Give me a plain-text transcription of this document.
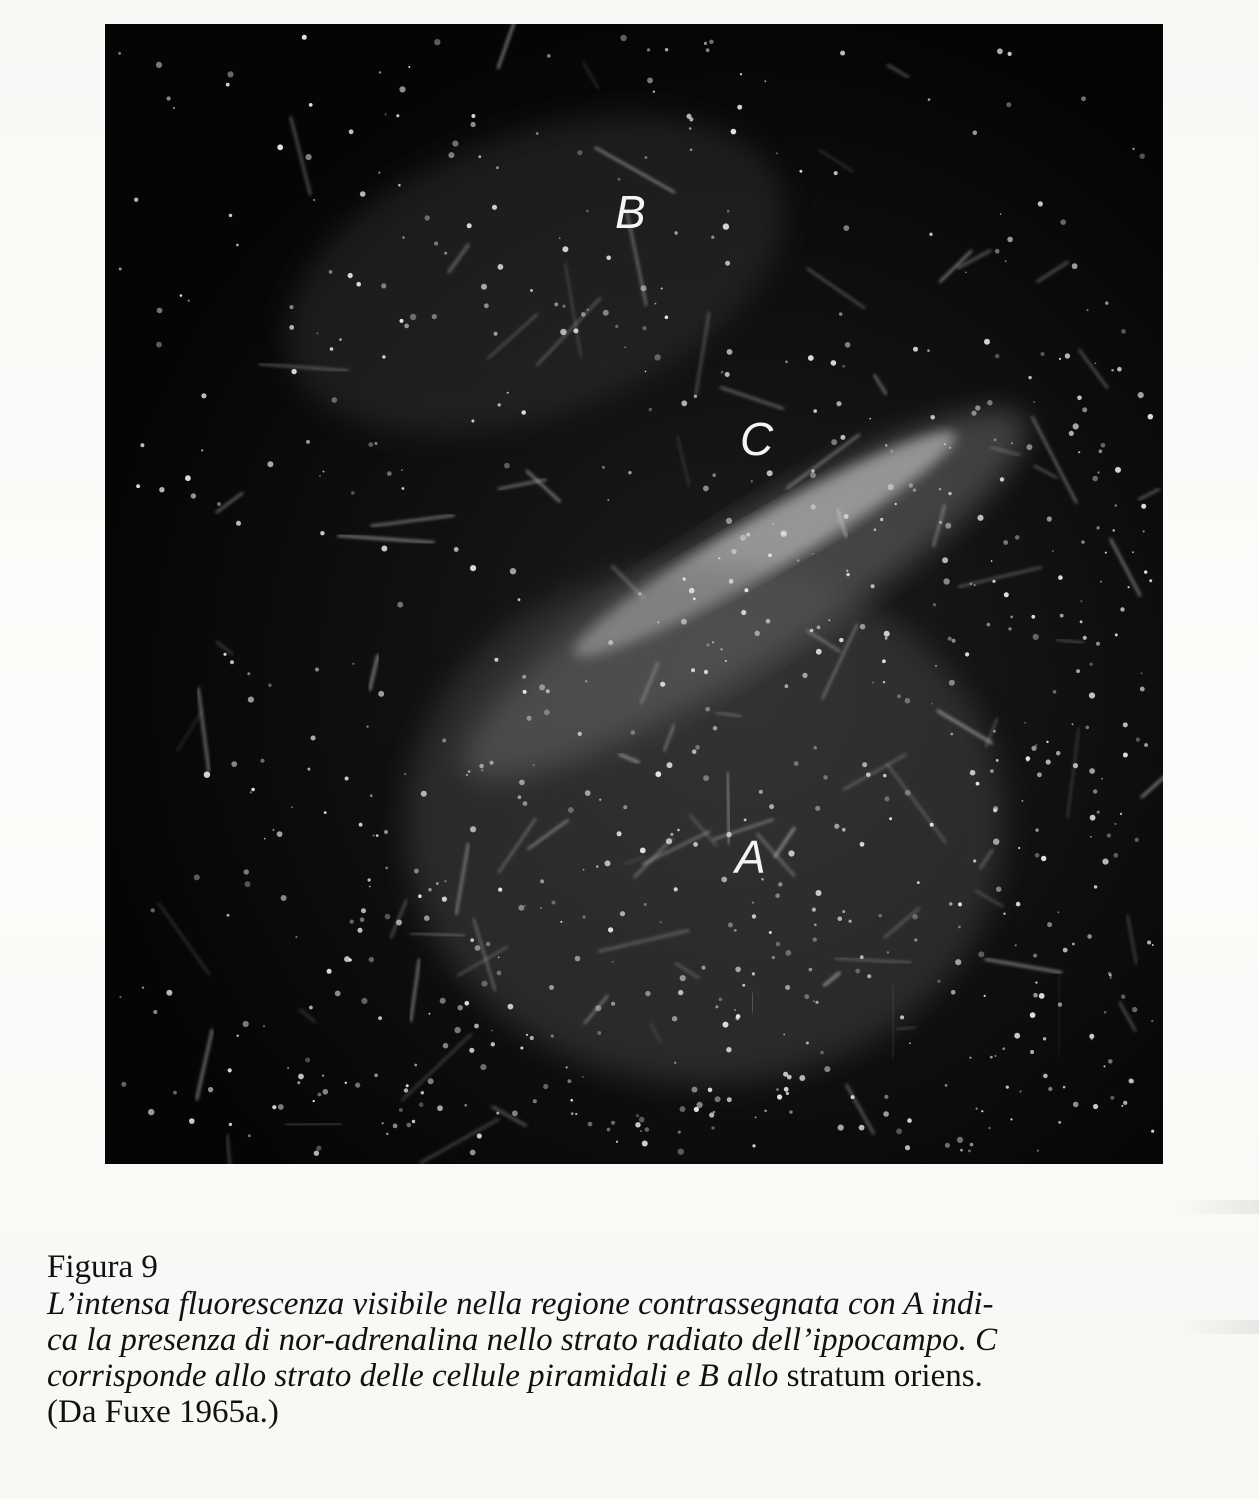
B
C
A
Figura 9
L’intensa fluorescenza visibile nella regione contrassegnata con A indi-
ca la presenza di nor-adrenalina nello strato radiato dell’ippocampo. C
corrisponde allo strato delle cellule piramidali e B allo stratum oriens.
(Da Fuxe 1965a.)
